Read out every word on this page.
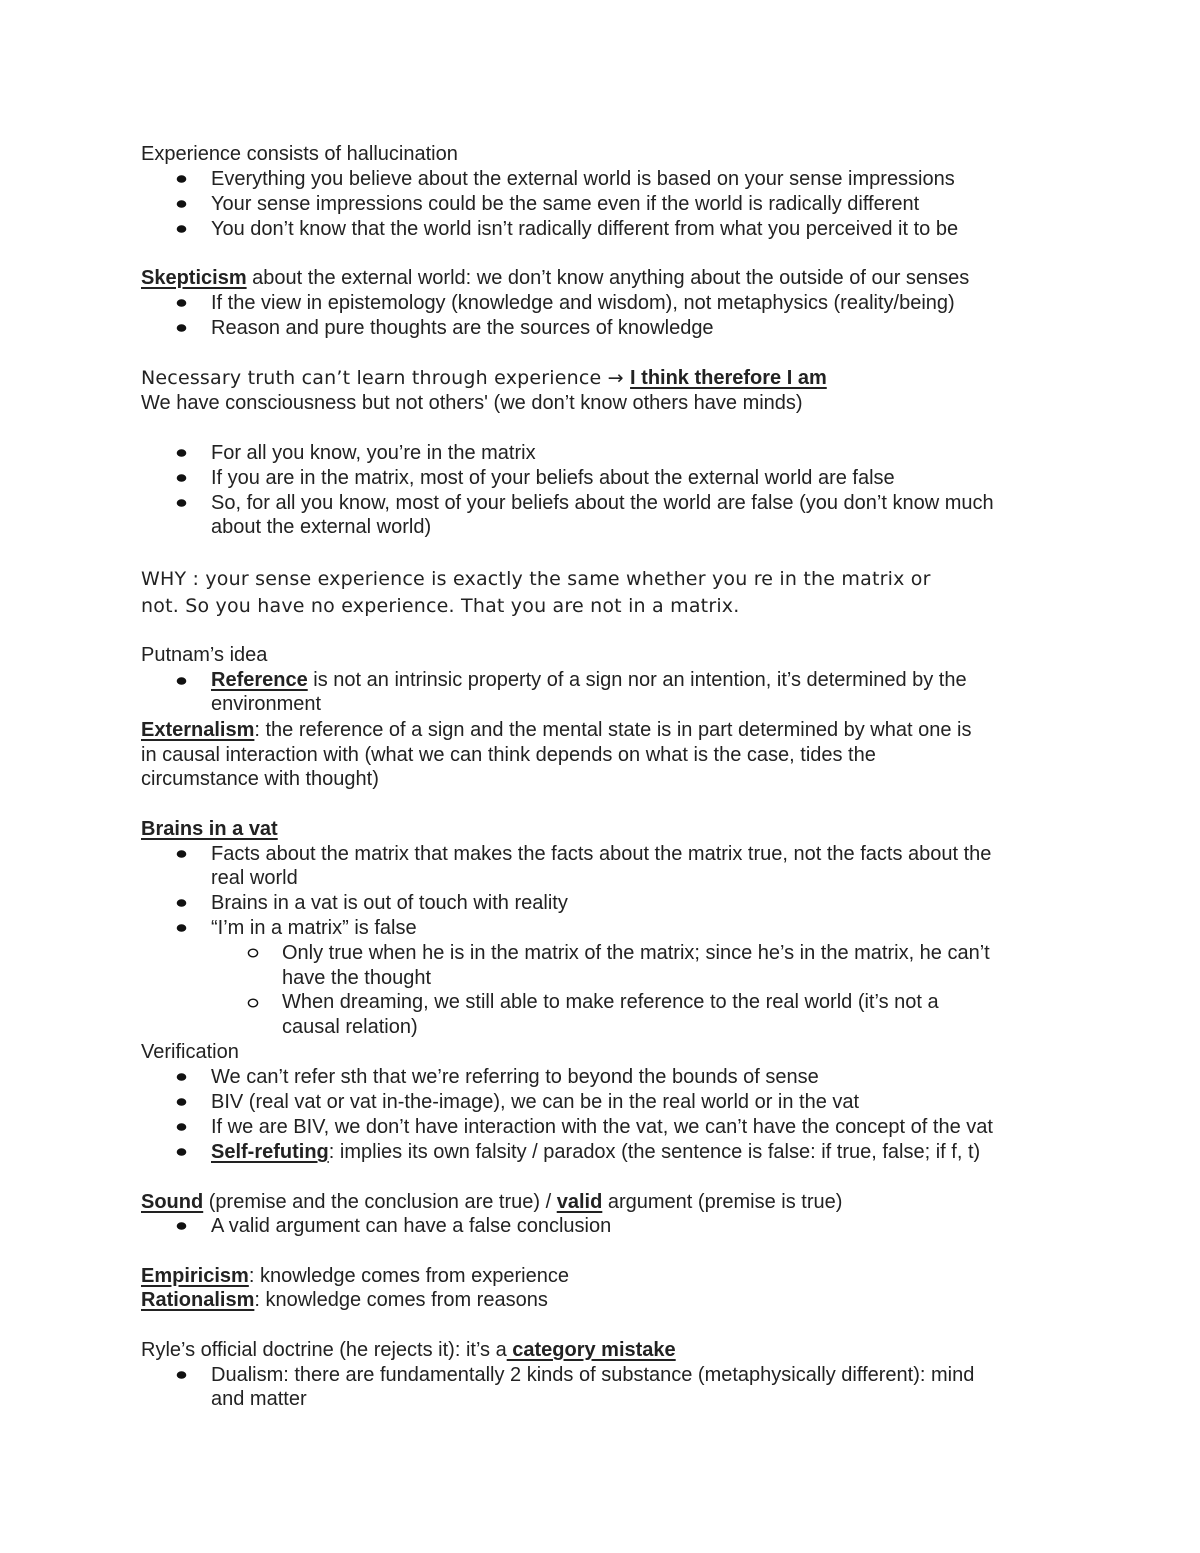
Experience consists of hallucination
Everything you believe about the external world is based on your sense impressions
Your sense impressions could be the same even if the world is radically different
You don’t know that the world isn’t radically different from what you perceived it to be
Skepticism about the external world: we don’t know anything about the outside of our senses
If the view in epistemology (knowledge and wisdom), not metaphysics (reality/being)
Reason and pure thoughts are the sources of knowledge
Necessary truth can’t learn through experience → I think therefore I am
We have consciousness but not others' (we don’t know others have minds)
For all you know, you’re in the matrix
If you are in the matrix, most of your beliefs about the external world are false
So, for all you know, most of your beliefs about the world are false (you don’t know much
about the external world)
WHY : your sense experience is exactly the same whether you re in the matrix or
not. So you have no experience. That you are not in a matrix.
Putnam’s idea
Reference is not an intrinsic property of a sign nor an intention, it’s determined by the
environment
Externalism: the reference of a sign and the mental state is in part determined by what one is
in causal interaction with (what we can think depends on what is the case, tides the
circumstance with thought)
Brains in a vat
Facts about the matrix that makes the facts about the matrix true, not the facts about the
real world
Brains in a vat is out of touch with reality
“I’m in a matrix” is false
Only true when he is in the matrix of the matrix; since he’s in the matrix, he can’t
have the thought
When dreaming, we still able to make reference to the real world (it’s not a
causal relation)
Verification
We can’t refer sth that we’re referring to beyond the bounds of sense
BIV (real vat or vat in-the-image), we can be in the real world or in the vat
If we are BIV, we don’t have interaction with the vat, we can’t have the concept of the vat
Self-refuting: implies its own falsity / paradox (the sentence is false: if true, false; if f, t)
Sound (premise and the conclusion are true) / valid argument (premise is true)
A valid argument can have a false conclusion
Empiricism: knowledge comes from experience
Rationalism: knowledge comes from reasons
Ryle’s official doctrine (he rejects it): it’s a category mistake
Dualism: there are fundamentally 2 kinds of substance (metaphysically different): mind
and matter
